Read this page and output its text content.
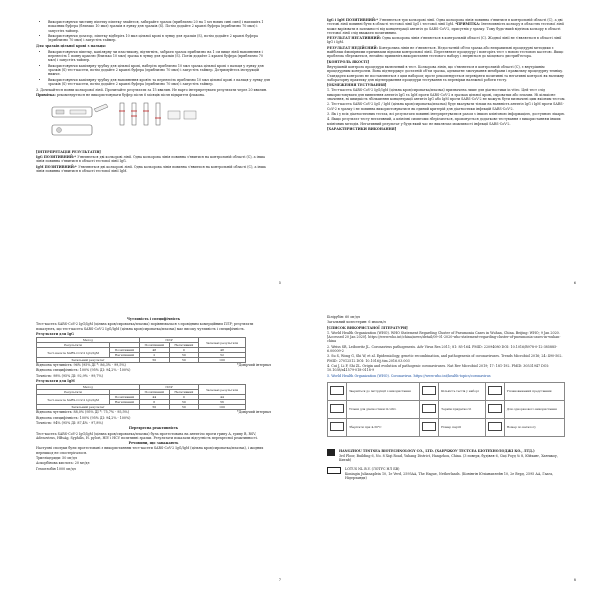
• Використовуючи чистину піпетку піпетку знайтеся, забирайте зразок (приблизно 20 на 1 мл нових сині сині) і напишіть 1 показник буфера (близько 10 мкл) зразків в лунку для зразків (S). Потім додайте 2 краплі буфера (приблизно 70 мкл) і запустіть таймер.
• Використовуючи дозатор, піпетку відберіть 10 мкл цільної крові в лунку для зразків (S), потім додайте 2 краплі буфера (приблизно 70 мкл) і запустіть таймер.

Для зразків цільної крові з пальця:

• Використовуючи піпетку, капілярну чи пластикову, відтягніть, забрати зразок приблизно на 1 см вище лінії наповнення і перенесіть 1 повну краплю (близько 10 мкл) зразка в лунку для зразків (S). Потім додайте 2 краплі буфера (приблизно 70 мкл) і запустіть таймер.
• Використовуючи капілярну трубку для цільної крові, наберіть приблизно 10 мкл зразка цільної крові з пальця у лунку для зразків (S) тест-касети, потім додайте 2 краплі буфера (приблизно 70 мкл) і запустіть таймер. Дотримуйтесь інструкцій нижче.
• Використовуючи капілярну трубку для наповнення кров'ю та перенесіть приблизно 10 мкл цільної крові з пальця у лунку для зразків (S) тест-касети, потім додайте 2 краплі буфера (приблизно 70 мкл) і запустіть таймер.

3. Дочекайтеся появи кольорової лінії. Прочитайте результати за 15 хвилин. Не варто інтерпретувати результати через 20 хвилин.

Примітка: рекомендується не використовувати буфер після 6 місяців після відкриття флакона.

[ІНТЕРПРЕТАЦІЯ РЕЗУЛЬТАТІВ]

IgG ПОЗИТИВНИЙ:* З'являються дві кольорові лінії. Одна кольорова лінія повинна з'явитися на контрольній області (C), а інша лінія повинна з'явитися в області тестової лінії IgG.

IgM ПОЗИТИВНИЙ:* З'являються дві кольорові лінії. Одна кольорова лінія повинна з'явитися на контрольній області (C), а інша лінія повинна з'явитися в області тестової лінії IgM.

5

IgG і IgM ПОЗИТИВНИЙ:* З'являються три кольорові лінії. Одна кольорова лінія повинна з'явитися в контрольній області (C), а дві тестові лінії повинні бути в області тестової лінії IgG і тестової лінії IgM. *ПРИМІТКА: Інтенсивність кольору в областях тестової лінії може варіювати в залежності від концентрації антитіл до SARS-CoV-2, присутніх у зразку. Тому будь-який відтінок кольору в області тестової лінії слід вважати позитивним.

РЕЗУЛЬТАТ НЕГАТИВНИЙ: Одна кольорова лінія з'являється в контрольній області (C). Жодної лінії не з'являється в області лінії IgG і IgM.

РЕЗУЛЬТАТ НЕДІЙСНИЙ: Контрольна лінія не з'являється. Недостатній об'єм зразка або неправильні процедурні методики є найбільш ймовірними причинами відмови контрольної лінії. Перегляньте процедуру і повторіть тест з новою тестовою касетою. Якщо проблема збережеться, негайно припиніть використання тестового набору і зверніться до місцевого дистриб'ютора.

[КОНТРОЛЬ ЯКОСТІ]

Внутрішній контроль процедури включений в тест. Кольорова лінія, що з'являється в контрольній області (C), є внутрішнім процедурним контролем. Вона підтверджує достатній об'єм зразка, адекватне змочування мембрани і правильну процедурну техніку. Стандарти контролю не поставляються з цим набором; проте рекомендується перевіряти позитивні та негативні контролі як належну лабораторну практику для підтвердження процедури тестування та перевірки належної роботи тесту.

[ОБМЕЖЕННЯ ТЕСТУВАННЯ]

1. Тест-касета SARS-CoV-2 IgG/IgM (цільна кров/сироватка/плазма) призначена лише для діагностики in vitro. Цей тест слід використовувати для виявлення антитіл IgG та IgM проти SARS-CoV-2 в зразках цільної крові, сироватки або плазми. Ні кількісне значення, ні швидкість збільшення концентрації антитіл IgG або IgM проти SARS-CoV-2 не можуть бути визначені цим якісним тестом.

2. Тест-касета SARS-CoV-2 IgG / IgM (цільна кров/сироватка/плазма) буде вказувати тільки на наявність антитіл IgG і IgM проти SARS-CoV-2 в зразку і не повинна використовуватися як єдиний критерій для діагностики інфекцій SARS-CoV-2.

3. Як і у всіх діагностичних тестах, всі результати повинні інтерпретуватися разом з іншою клінічною інформацією, доступною лікарю.

4. Якщо результат тесту негативний, а клінічні симптоми зберігаються, пропонується додаткове тестування з використанням інших клінічних методів. Негативний результат у будь-який час не виключає можливості інфекції SARS-CoV-2.

[ХАРАКТЕРИСТИКИ ВИКОНАННЯ]

6

Чутливість і специфічність

Тест-касета SARS-CoV-2 IgG/IgM (цільна кров/сироватка/плазма) порівнювалася з провідним комерційним ПЛР; результати показують, що тест-касета SARS-CoV-2 IgG/IgM (цільна кров/сироватка/плазма) має високу чутливість і специфічність.

Результати для IgG

Метод		ПЛР		Загальні результати
Результати		Позитивний	Негативний	
Тест-касета SARS-CoV-2 IgG/IgM	Позитивний	48	0	48
	Негативний	2	50	52
Загальний результат		50	50	100

Відносна чутливість: 96% (95% ДІ *: 86,3% - 99,5%)	*Довірчий інтервал

Відносна специфічність: 100% (95% ДІ: 94,2% - 100%)

Точність: 98% (95% ДІ: 92,9% - 99,7%)

Результати для IgM

Метод		ПЛР		Загальні результати
Результати		Позитивний	Негативний	
Тест-касета SARS-CoV-2 IgG/IgM	Позитивний	44	0	44
	Негативний	6	50	56
Загальний результат		50	50	100

Відносна чутливість: 88,0% (95% ДІ *: 75,7% - 95,5%)	*Довірчий інтервал

Відносна специфічність: 100% (95% ДІ: 94,2% - 100%)

Точність: 94% (95% ДІ: 87,4% - 97,8%)

Перехресна реактивність

Тест-касета SARS-CoV-2 IgG/IgM (цільна кров/сироватка/плазма) була протестована на антитіло проти грипу A, грипу B, RSV, Adenovirus, HBsAg, Syphilis, H. pylori, HIV і HCV позитивні зразки. Результати показали відсутність перехресної реактивності.

Речовини, що заважають

Наступні сполуки були протестовані з використанням тест-касети SARS-CoV-2 IgG/IgM (цільна кров/сироватка/плазма), і жодних перешкод не спостерігалося.

Тригліцериди: 50 мг/дл

Аскорбінова кислота: 20 мг/дл

Гемоглобін 1000 мг/дл

7

Білірубін: 60 мг/дл

Загальний холестерин: 6 ммоль/л

[СПИСОК ВИКОРИСТАНОЇ ЛІТЕРАТУРИ]

1. World Health Organization (WHO). WHO Statement Regarding Cluster of Pneumonia Cases in Wuhan, China. Beijing: WHO; 9 Jan 2020. [Accessed 20 Jan 2020]. https://www.who.int/china/news/detail/09-01-2020-who-statement-regarding-cluster-of-pneumonia-cases-in-wuhan-china

2. Weiss SR, Leibowitz JL. Coronavirus pathogenesis. Adv Virus Res 2011; 81: 85-164. PMID: 22094080 DOI: 10.1016/B978-0-12-385885-6.00009-2

3. Su S, Wong G, Shi W, et al. Epidemiology, genetic recombination, and pathogenesis of coronaviruses. Trends Microbiol 2016; 24: 490-502. PMID: 27012512 DOI: 10.1016/j.tim.2016.03.003

4. Cui J, Li F, Shi ZL. Origin and evolution of pathogenic coronaviruses. Nat Rev Microbiol 2019; 17: 181-192. PMID: 30531947 DOI: 10.1038/s41579-018-0118-9

5. World Health Organization (WHO). Coronavirus. https://www.who.int/health-topics/coronavirus

	Зверніться до інструкції з використання		Кількість тестів у наборі		Уповноважений представник
	Тільки для діагностики in vitro		Термін придатності		Для одноразового використання
	Зберігати при 4-30°C		Номер партії		Номер по каталогу

HANGZHOU TESTSEA BIOTECHNOLOGY CO., LTD. (ХАНЧЖОУ ТЕСТСЕА БІОТЕХНОЛОДЖІ КО., ЛТД.)

3rd Floor, Building 6, No. 8 Xiqi Road, Yuhang District, Hangzhou, China. (3 поверх, будівля 6, Сіці Роуд № 8, Юйханг, Ханчжоу, Китай)

LOTUS NL B.V. (ЛОТУС НЛ БВ)

Koningin Julianaplein 10, 1e Verd, 2595AA, The Hague, Netherlands. (Конінгін Юліанаплейн 10, 2е Верд, 2595 АА, Гаага, Нідерланди)

8
